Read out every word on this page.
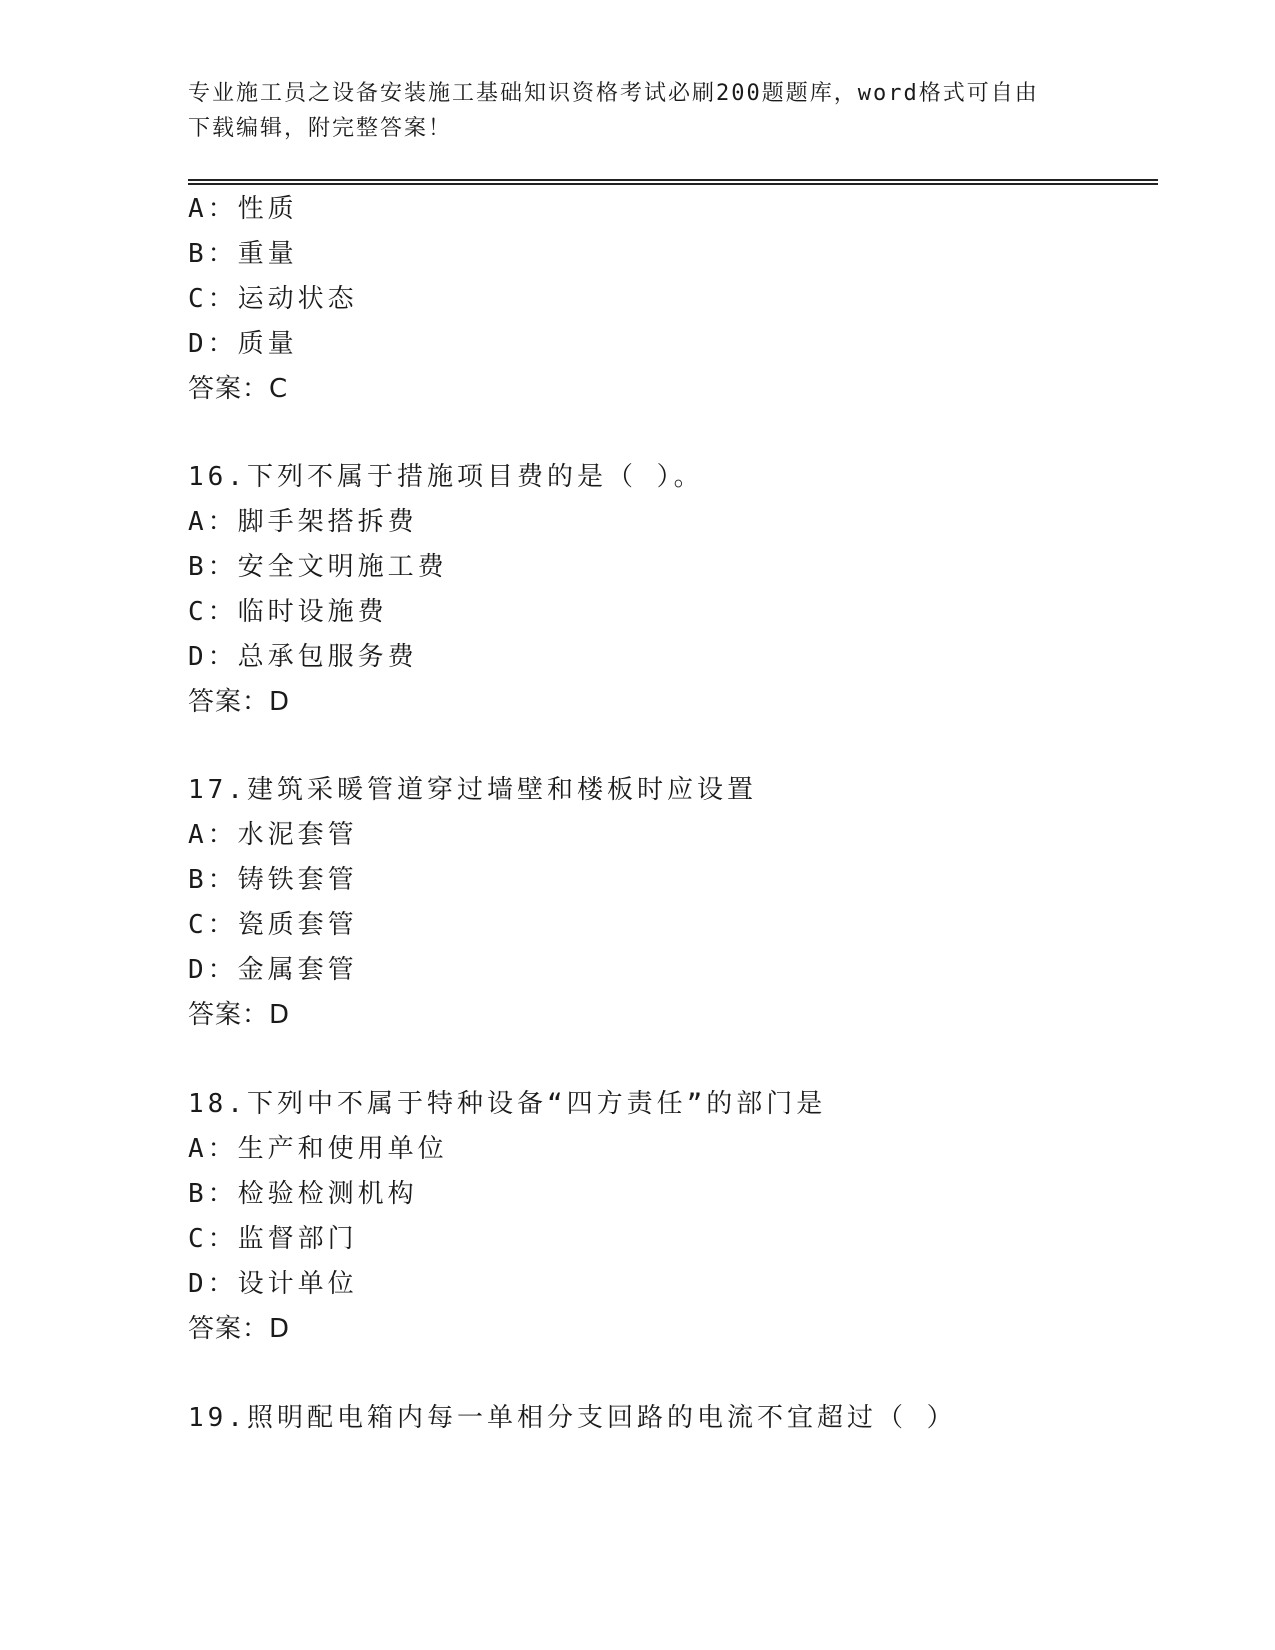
专业施工员之设备安装施工基础知识资格考试必刷200题题库，word格式可自由
下载编辑，附完整答案！
A：性质
B：重量
C：运动状态
D：质量
答案：C
16.下列不属于措施项目费的是（ ）。
A：脚手架搭拆费
B：安全文明施工费
C：临时设施费
D：总承包服务费
答案：D
17.建筑采暖管道穿过墙壁和楼板时应设置
A：水泥套管
B：铸铁套管
C：瓷质套管
D：金属套管
答案：D
18.下列中不属于特种设备“四方责任”的部门是
A：生产和使用单位
B：检验检测机构
C：监督部门
D：设计单位
答案：D
19.照明配电箱内每一单相分支回路的电流不宜超过（ ）
